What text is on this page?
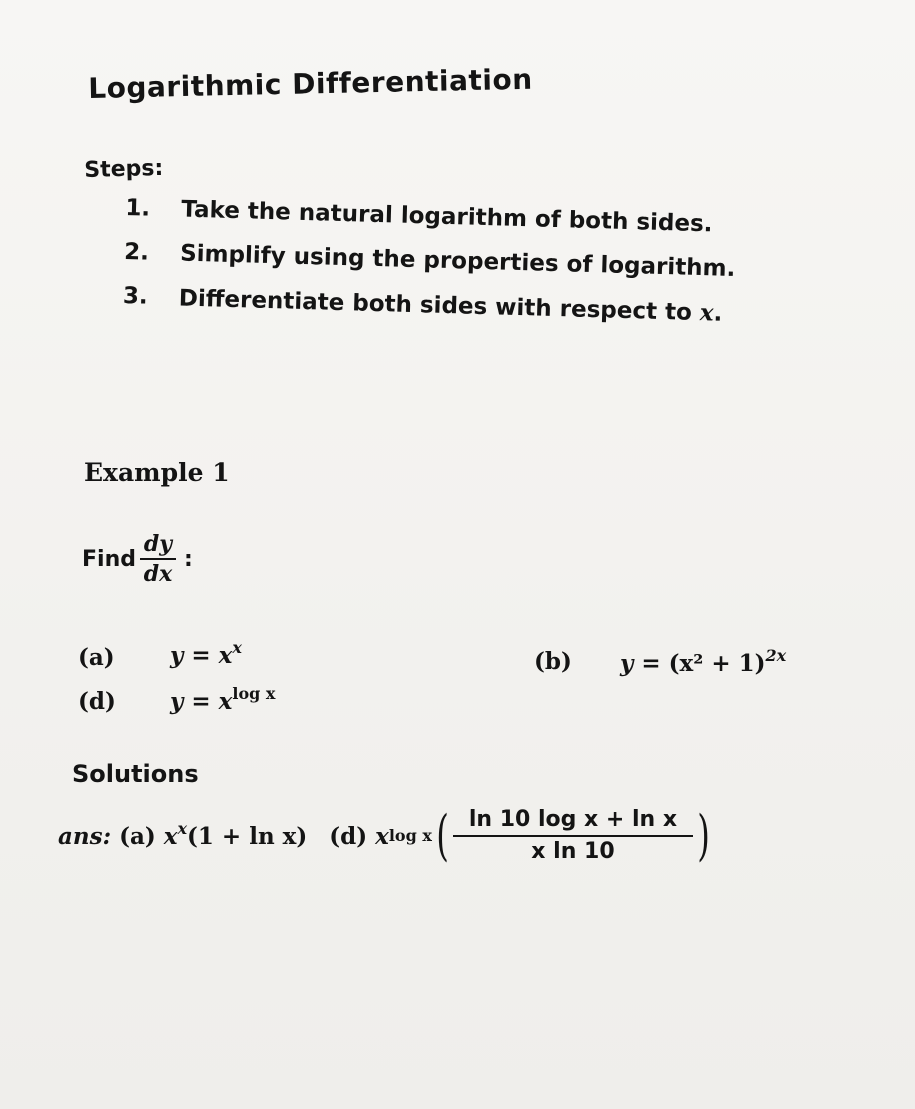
Logarithmic Differentiation
Steps:
1.	Take the natural logarithm of both sides.
2.	Simplify using the properties of logarithm.
3.	Differentiate both sides with respect to x.
Example 1
Find $\frac{dy}{dx}$ :
(a) $y = x^x$
(b) $y = (x^2 + 1)^{2x}$
(d) $y = x^{log x}$
Solutions
ans: (a) $x^x(1 + \ln x)$ (d) x log x ( $\frac{\text{ln 10 log x + ln x}}{\text{x ln 10}}$ )
